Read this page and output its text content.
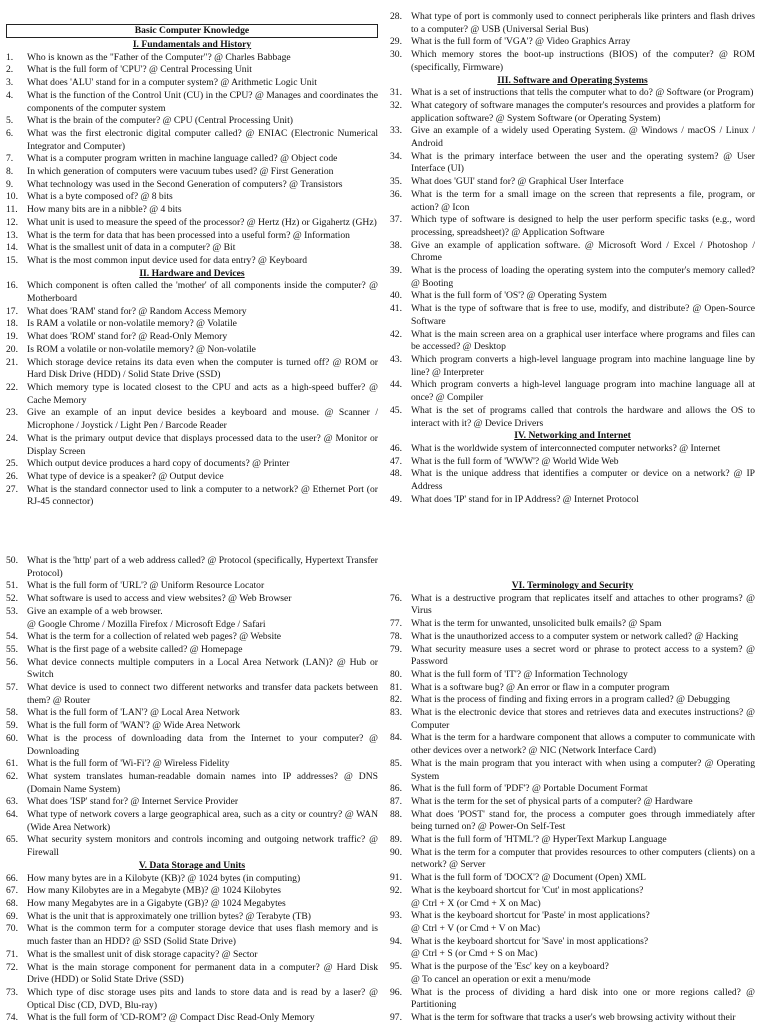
Basic Computer Knowledge
I. Fundamentals and History
1.	Who is known as the "Father of the Computer"? @ Charles Babbage
2.	What is the full form of 'CPU'? @ Central Processing Unit
3.	What does 'ALU' stand for in a computer system? @ Arithmetic Logic Unit
4.	What is the function of the Control Unit (CU) in the CPU? @ Manages and coordinates the components of the computer system
5.	What is the brain of the computer? @ CPU (Central Processing Unit)
6.	What was the first electronic digital computer called? @ ENIAC (Electronic Numerical Integrator and Computer)
7.	What is a computer program written in machine language called? @ Object code
8.	In which generation of computers were vacuum tubes used? @ First Generation
9.	What technology was used in the Second Generation of computers? @ Transistors
10. What is a byte composed of? @ 8 bits
11. How many bits are in a nibble? @ 4 bits
12. What unit is used to measure the speed of the processor? @ Hertz (Hz) or Gigahertz (GHz)
13. What is the term for data that has been processed into a useful form? @ Information
14. What is the smallest unit of data in a computer? @ Bit
15. What is the most common input device used for data entry? @ Keyboard
II. Hardware and Devices
16. Which component is often called the 'mother' of all components inside the computer? @ Motherboard
17. What does 'RAM' stand for? @ Random Access Memory
18. Is RAM a volatile or non-volatile memory? @ Volatile
19. What does 'ROM' stand for? @ Read-Only Memory
20. Is ROM a volatile or non-volatile memory? @ Non-volatile
21. Which storage device retains its data even when the computer is turned off? @ ROM or Hard Disk Drive (HDD) / Solid State Drive (SSD)
22. Which memory type is located closest to the CPU and acts as a high-speed buffer? @ Cache Memory
23. Give an example of an input device besides a keyboard and mouse. @ Scanner / Microphone / Joystick / Light Pen / Barcode Reader
24. What is the primary output device that displays processed data to the user? @ Monitor or Display Screen
25. Which output device produces a hard copy of documents? @ Printer
26. What type of device is a speaker? @ Output device
27. What is the standard connector used to link a computer to a network? @ Ethernet Port (or RJ-45 connector)
28. What type of port is commonly used to connect peripherals like printers and flash drives to a computer? @ USB (Universal Serial Bus)
29. What is the full form of 'VGA'? @ Video Graphics Array
30. Which memory stores the boot-up instructions (BIOS) of the computer? @ ROM (specifically, Firmware)
III. Software and Operating Systems
31. What is a set of instructions that tells the computer what to do? @ Software (or Program)
32. What category of software manages the computer's resources and provides a platform for application software? @ System Software (or Operating System)
33. Give an example of a widely used Operating System. @ Windows / macOS / Linux / Android
34. What is the primary interface between the user and the operating system? @ User Interface (UI)
35. What does 'GUI' stand for? @ Graphical User Interface
36. What is the term for a small image on the screen that represents a file, program, or action? @ Icon
37. Which type of software is designed to help the user perform specific tasks (e.g., word processing, spreadsheet)? @ Application Software
38. Give an example of application software. @ Microsoft Word / Excel / Photoshop / Chrome
39. What is the process of loading the operating system into the computer's memory called? @ Booting
40. What is the full form of 'OS'? @ Operating System
41. What is the type of software that is free to use, modify, and distribute? @ Open-Source Software
42. What is the main screen area on a graphical user interface where programs and files can be accessed? @ Desktop
43. Which program converts a high-level language program into machine language line by line? @ Interpreter
44. Which program converts a high-level language program into machine language all at once? @ Compiler
45. What is the set of programs called that controls the hardware and allows the OS to interact with it? @ Device Drivers
IV. Networking and Internet
46. What is the worldwide system of interconnected computer networks? @ Internet
47. What is the full form of 'WWW'? @ World Wide Web
48. What is the unique address that identifies a computer or device on a network? @ IP Address
49. What does 'IP' stand for in IP Address? @ Internet Protocol
50. What is the 'http' part of a web address called? @ Protocol (specifically, Hypertext Transfer Protocol)
51. What is the full form of 'URL'? @ Uniform Resource Locator
52. What software is used to access and view websites? @ Web Browser
53. Give an example of a web browser.
@ Google Chrome / Mozilla Firefox / Microsoft Edge / Safari
54. What is the term for a collection of related web pages? @ Website
55. What is the first page of a website called? @ Homepage
56. What device connects multiple computers in a Local Area Network (LAN)? @ Hub or Switch
57. What device is used to connect two different networks and transfer data packets between them? @ Router
58. What is the full form of 'LAN'? @ Local Area Network
59. What is the full form of 'WAN'? @ Wide Area Network
60. What is the process of downloading data from the Internet to your computer? @ Downloading
61. What is the full form of 'Wi-Fi'? @ Wireless Fidelity
62. What system translates human-readable domain names into IP addresses? @ DNS (Domain Name System)
63. What does 'ISP' stand for? @ Internet Service Provider
64. What type of network covers a large geographical area, such as a city or country? @ WAN (Wide Area Network)
65. What security system monitors and controls incoming and outgoing network traffic? @ Firewall
V. Data Storage and Units
66. How many bytes are in a Kilobyte (KB)? @ 1024 bytes (in computing)
67. How many Kilobytes are in a Megabyte (MB)? @ 1024 Kilobytes
68. How many Megabytes are in a Gigabyte (GB)? @ 1024 Megabytes
69. What is the unit that is approximately one trillion bytes? @ Terabyte (TB)
70. What is the common term for a computer storage device that uses flash memory and is much faster than an HDD? @ SSD (Solid State Drive)
71. What is the smallest unit of disk storage capacity? @ Sector
72. What is the main storage component for permanent data in a computer? @ Hard Disk Drive (HDD) or Solid State Drive (SSD)
73. Which type of disc storage uses pits and lands to store data and is read by a laser? @ Optical Disc (CD, DVD, Blu-ray)
74. What is the full form of 'CD-ROM'? @ Compact Disc Read-Only Memory
VI. Terminology and Security
76. What is a destructive program that replicates itself and attaches to other programs? @ Virus
77. What is the term for unwanted, unsolicited bulk emails? @ Spam
78. What is the unauthorized access to a computer system or network called? @ Hacking
79. What security measure uses a secret word or phrase to protect access to a system? @ Password
80. What is the full form of 'IT'? @ Information Technology
81. What is a software bug? @ An error or flaw in a computer program
82. What is the process of finding and fixing errors in a program called? @ Debugging
83. What is the electronic device that stores and retrieves data and executes instructions? @ Computer
84. What is the term for a hardware component that allows a computer to communicate with other devices over a network? @ NIC (Network Interface Card)
85. What is the main program that you interact with when using a computer? @ Operating System
86. What is the full form of 'PDF'? @ Portable Document Format
87. What is the term for the set of physical parts of a computer? @ Hardware
88. What does 'POST' stand for, the process a computer goes through immediately after being turned on? @ Power-On Self-Test
89. What is the full form of 'HTML'? @ HyperText Markup Language
90. What is the term for a computer that provides resources to other computers (clients) on a network? @ Server
91. What is the full form of 'DOCX'? @ Document (Open) XML
92. What is the keyboard shortcut for 'Cut' in most applications?
@ Ctrl + X (or Cmd + X on Mac)
93. What is the keyboard shortcut for 'Paste' in most applications?
@ Ctrl + V (or Cmd + V on Mac)
94. What is the keyboard shortcut for 'Save' in most applications?
@ Ctrl + S (or Cmd + S on Mac)
95. What is the purpose of the 'Esc' key on a keyboard?
@ To cancel an operation or exit a menu/mode
96. What is the process of dividing a hard disk into one or more regions called? @ Partitioning
97. What is the term for software that tracks a user's web browsing activity without their
